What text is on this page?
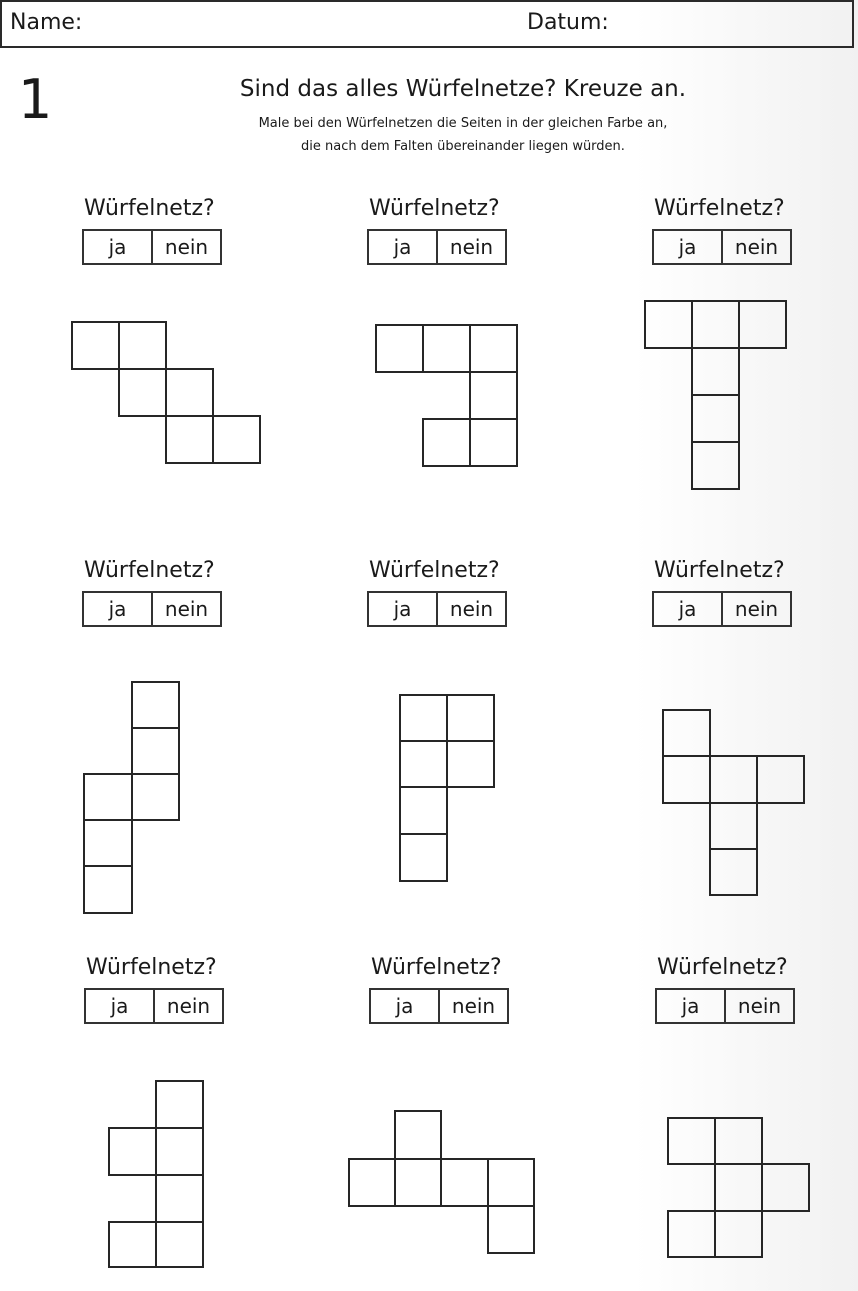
Name:	Datum:
1	Sind das alles Würfelnetze? Kreuze an.
Male bei den Würfelnetzen die Seiten in der gleichen Farbe an,
die nach dem Falten übereinander liegen würden.
Würfelnetz?
ja	nein
Würfelnetz?
ja	nein
Würfelnetz?
ja	nein
Würfelnetz?
ja	nein
Würfelnetz?
ja	nein
Würfelnetz?
ja	nein
Würfelnetz?
ja	nein
Würfelnetz?
ja	nein
Würfelnetz?
ja	nein
